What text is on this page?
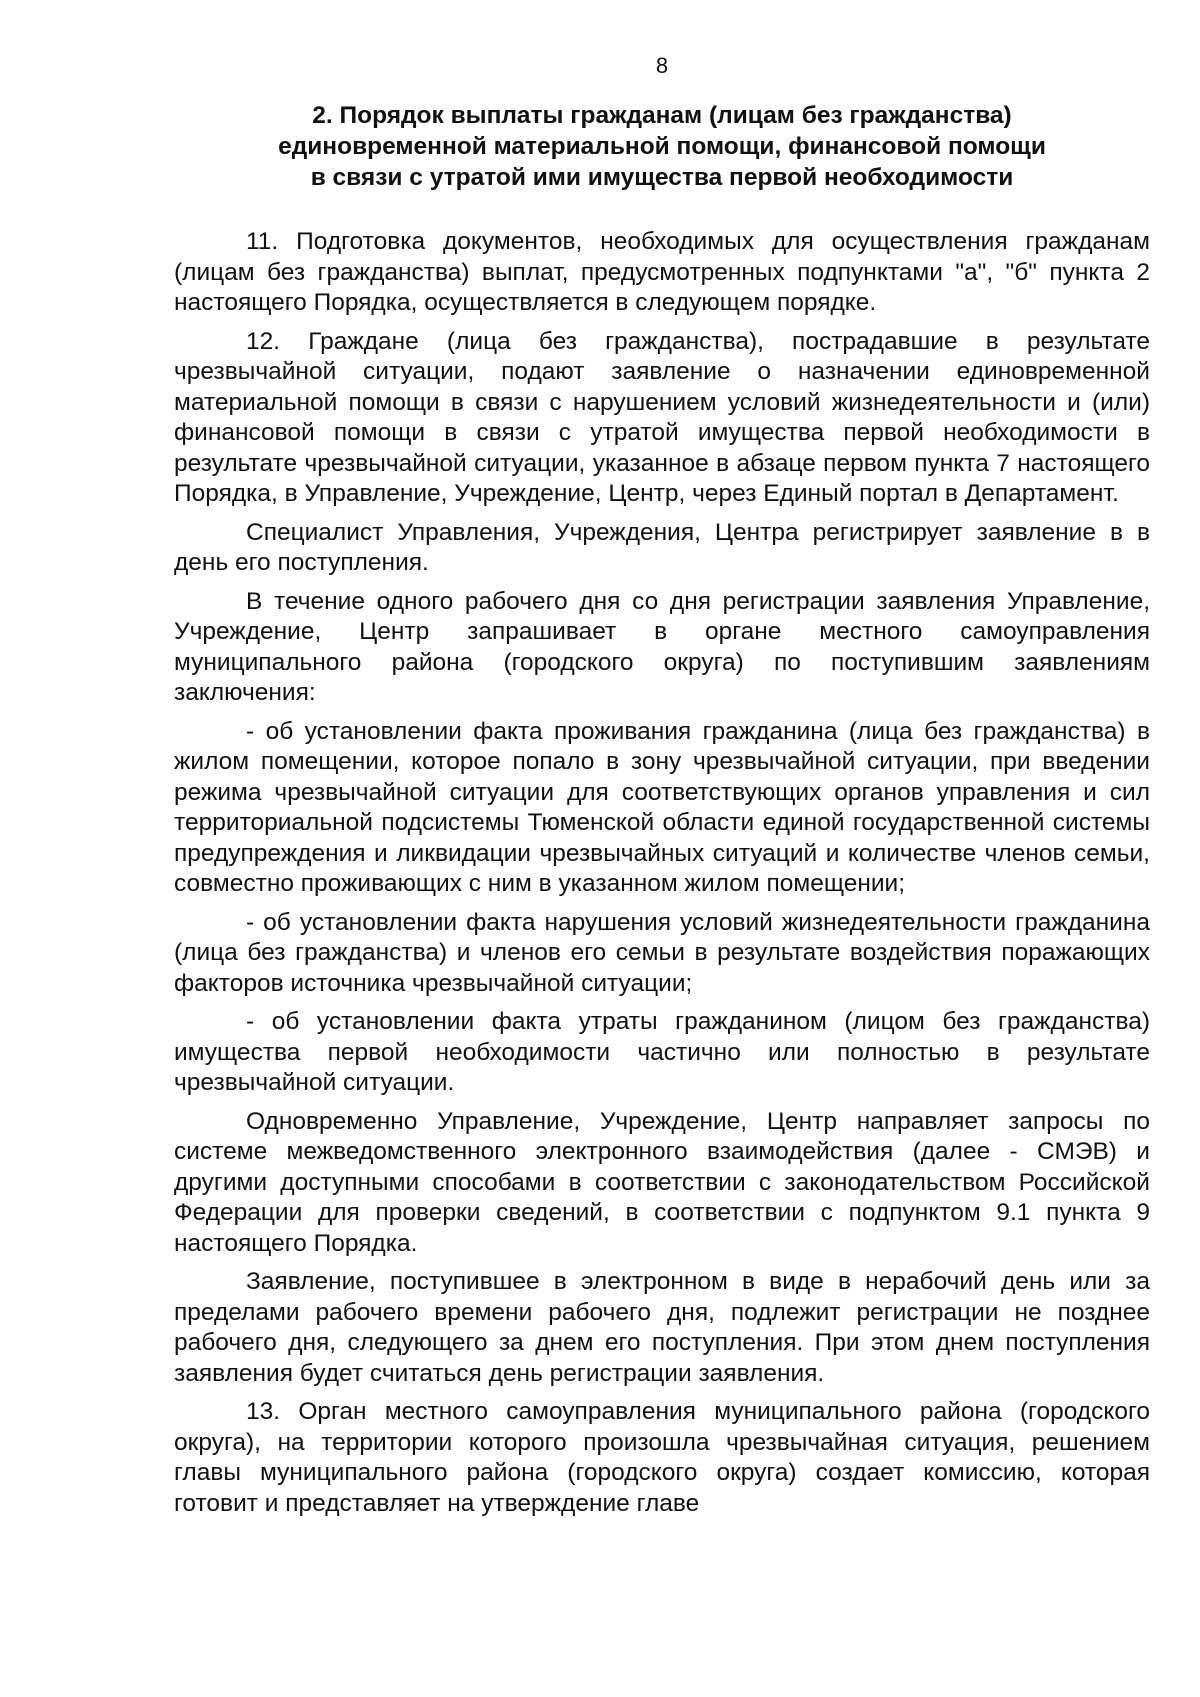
8
2. Порядок выплаты гражданам (лицам без гражданства)
единовременной материальной помощи, финансовой помощи
в связи с утратой ими имущества первой необходимости

11. Подготовка документов, необходимых для осуществления гражданам (лицам без гражданства) выплат, предусмотренных подпунктами "а", "б" пункта 2 настоящего Порядка, осуществляется в следующем порядке.

12. Граждане (лица без гражданства), пострадавшие в результате чрезвычайной ситуации, подают заявление о назначении единовременной материальной помощи в связи с нарушением условий жизнедеятельности и (или) финансовой помощи в связи с утратой имущества первой необходимости в результате чрезвычайной ситуации, указанное в абзаце первом пункта 7 настоящего Порядка, в Управление, Учреждение, Центр, через Единый портал в Департамент.

Специалист Управления, Учреждения, Центра регистрирует заявление в в день его поступления.

В течение одного рабочего дня со дня регистрации заявления Управление, Учреждение, Центр запрашивает в органе местного самоуправления муниципального района (городского округа) по поступившим заявлениям заключения:

- об установлении факта проживания гражданина (лица без гражданства) в жилом помещении, которое попало в зону чрезвычайной ситуации, при введении режима чрезвычайной ситуации для соответствующих органов управления и сил территориальной подсистемы Тюменской области единой государственной системы предупреждения и ликвидации чрезвычайных ситуаций и количестве членов семьи, совместно проживающих с ним в указанном жилом помещении;

- об установлении факта нарушения условий жизнедеятельности гражданина (лица без гражданства) и членов его семьи в результате воздействия поражающих факторов источника чрезвычайной ситуации;

- об установлении факта утраты гражданином (лицом без гражданства) имущества первой необходимости частично или полностью в результате чрезвычайной ситуации.

Одновременно Управление, Учреждение, Центр направляет запросы по системе межведомственного электронного взаимодействия (далее - СМЭВ) и другими доступными способами в соответствии с законодательством Российской Федерации для проверки сведений, в соответствии с подпунктом 9.1 пункта 9 настоящего Порядка.

Заявление, поступившее в электронном в виде в нерабочий день или за пределами рабочего времени рабочего дня, подлежит регистрации не позднее рабочего дня, следующего за днем его поступления. При этом днем поступления заявления будет считаться день регистрации заявления.

13. Орган местного самоуправления муниципального района (городского округа), на территории которого произошла чрезвычайная ситуация, решением главы муниципального района (городского округа) создает комиссию, которая готовит и представляет на утверждение главе
